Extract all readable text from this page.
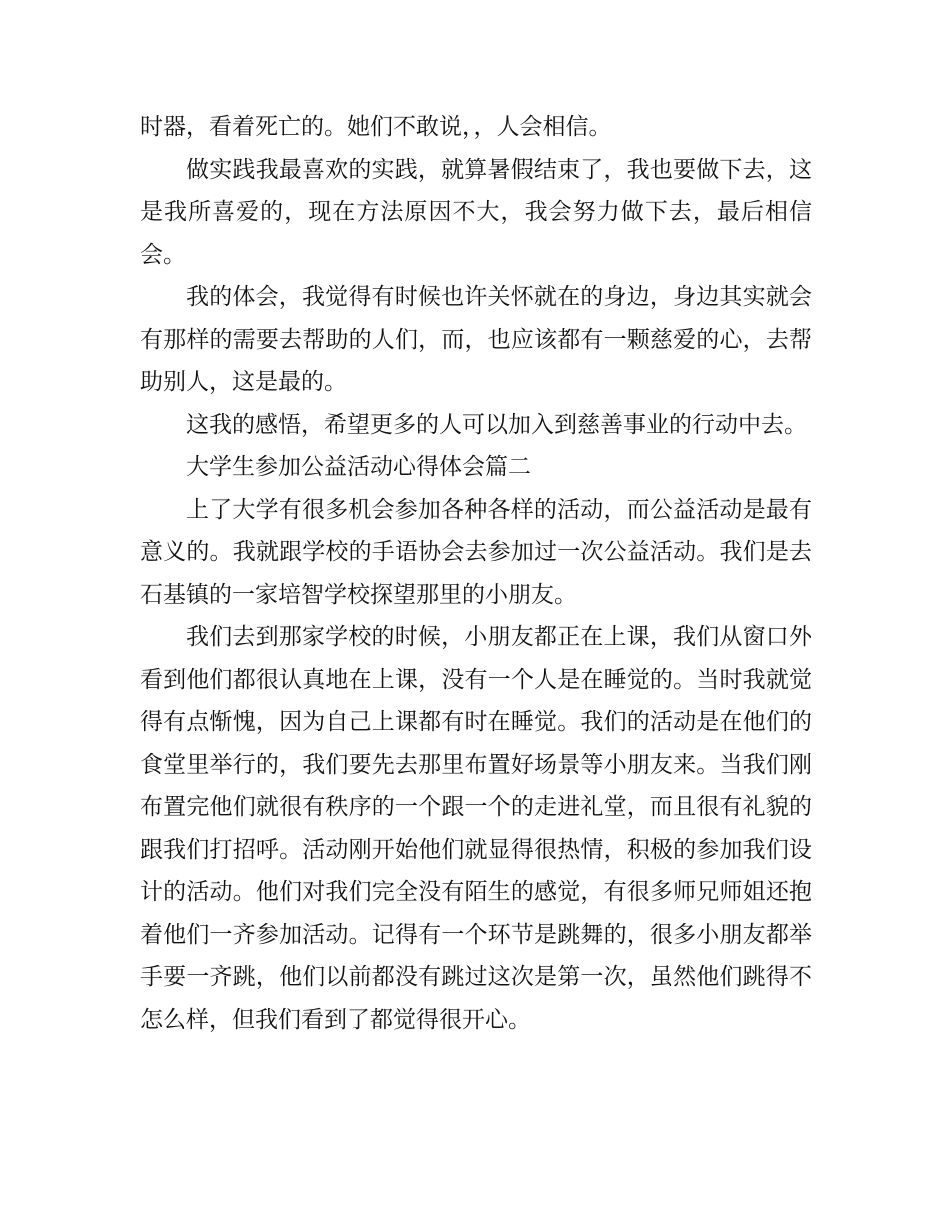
时器，看着死亡的。她们不敢说，，人会相信。

做实践我最喜欢的实践，就算暑假结束了，我也要做下去，这是我所喜爱的，现在方法原因不大，我会努力做下去，最后相信会。

我的体会，我觉得有时候也许关怀就在的身边，身边其实就会有那样的需要去帮助的人们，而，也应该都有一颗慈爱的心，去帮助别人，这是最的。

这我的感悟，希望更多的人可以加入到慈善事业的行动中去。

大学生参加公益活动心得体会篇二

上了大学有很多机会参加各种各样的活动，而公益活动是最有意义的。我就跟学校的手语协会去参加过一次公益活动。我们是去石基镇的一家培智学校探望那里的小朋友。

我们去到那家学校的时候，小朋友都正在上课，我们从窗口外看到他们都很认真地在上课，没有一个人是在睡觉的。当时我就觉得有点惭愧，因为自己上课都有时在睡觉。我们的活动是在他们的食堂里举行的，我们要先去那里布置好场景等小朋友来。当我们刚布置完他们就很有秩序的一个跟一个的走进礼堂，而且很有礼貌的跟我们打招呼。活动刚开始他们就显得很热情，积极的参加我们设计的活动。他们对我们完全没有陌生的感觉，有很多师兄师姐还抱着他们一齐参加活动。记得有一个环节是跳舞的，很多小朋友都举手要一齐跳，他们以前都没有跳过这次是第一次，虽然他们跳得不怎么样，但我们看到了都觉得很开心。
